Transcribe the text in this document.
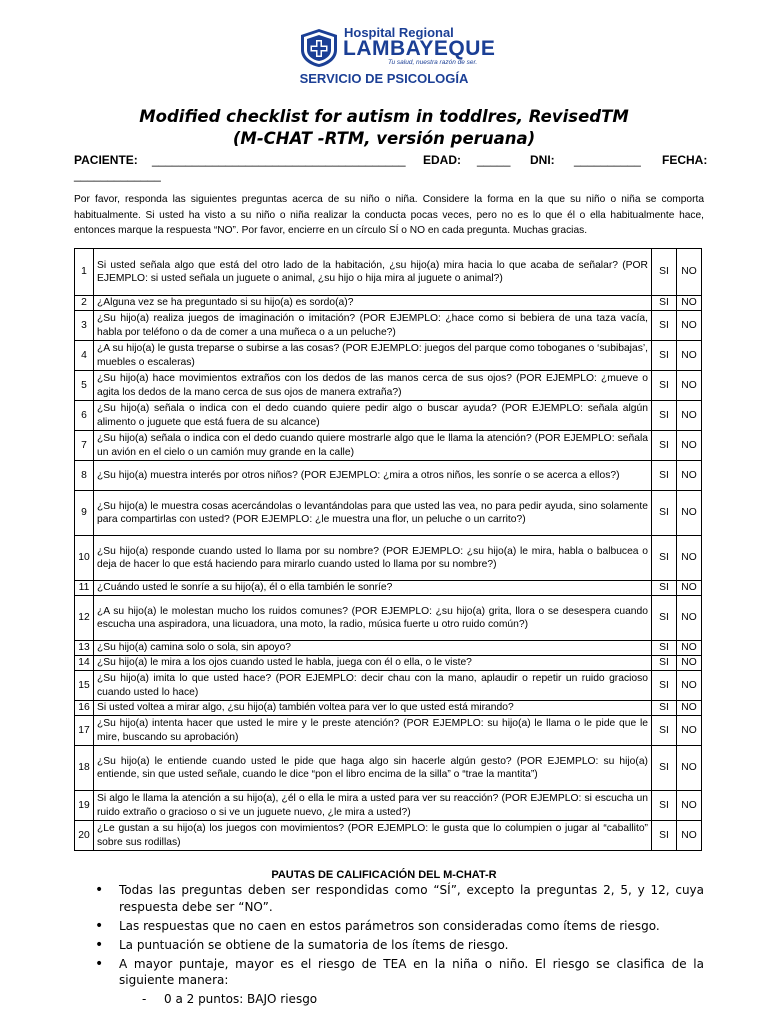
Hospital Regional
LAMBAYEQUE
Tu salud, nuestra razón de ser.
SERVICIO DE PSICOLOGÍA
Modified checklist for autism in toddlres, RevisedTM
(M-CHAT -RTM, versión peruana)
PACIENTE: ______________________________________ EDAD: _____ DNI: __________ FECHA:
_____________
Por favor, responda las siguientes preguntas acerca de su niño o niña. Considere la forma en la que su niño o niña se comporta habitualmente. Si usted ha visto a su niño o niña realizar la conducta pocas veces, pero no es lo que él o ella habitualmente hace, entonces marque la respuesta “NO”. Por favor, encierre en un círculo SÍ o NO en cada pregunta. Muchas gracias.
1	Si usted señala algo que está del otro lado de la habitación, ¿su hijo(a) mira hacia lo que acaba de señalar? (POR EJEMPLO: si usted señala un juguete o animal, ¿su hijo o hija mira al juguete o animal?)	SI	NO
2	¿Alguna vez se ha preguntado si su hijo(a) es sordo(a)?	SI	NO
3	¿Su hijo(a) realiza juegos de imaginación o imitación? (POR EJEMPLO: ¿hace como si bebiera de una taza vacía, habla por teléfono o da de comer a una muñeca o a un peluche?)	SI	NO
4	¿A su hijo(a) le gusta treparse o subirse a las cosas? (POR EJEMPLO: juegos del parque como toboganes o ‘subibajas’, muebles o escaleras)	SI	NO
5	¿Su hijo(a) hace movimientos extraños con los dedos de las manos cerca de sus ojos? (POR EJEMPLO: ¿mueve o agita los dedos de la mano cerca de sus ojos de manera extraña?)	SI	NO
6	¿Su hijo(a) señala o indica con el dedo cuando quiere pedir algo o buscar ayuda? (POR EJEMPLO: señala algún alimento o juguete que está fuera de su alcance)	SI	NO
7	¿Su hijo(a) señala o indica con el dedo cuando quiere mostrarle algo que le llama la atención? (POR EJEMPLO: señala un avión en el cielo o un camión muy grande en la calle)	SI	NO
8	¿Su hijo(a) muestra interés por otros niños? (POR EJEMPLO: ¿mira a otros niños, les sonríe o se acerca a ellos?)	SI	NO
9	¿Su hijo(a) le muestra cosas acercándolas o levantándolas para que usted las vea, no para pedir ayuda, sino solamente para compartirlas con usted? (POR EJEMPLO: ¿le muestra una flor, un peluche o un carrito?)	SI	NO
10	¿Su hijo(a) responde cuando usted lo llama por su nombre? (POR EJEMPLO: ¿su hijo(a) le mira, habla o balbucea o deja de hacer lo que está haciendo para mirarlo cuando usted lo llama por su nombre?)	SI	NO
11	¿Cuándo usted le sonríe a su hijo(a), él o ella también le sonríe?	SI	NO
12	¿A su hijo(a) le molestan mucho los ruidos comunes? (POR EJEMPLO: ¿su hijo(a) grita, llora o se desespera cuando escucha una aspiradora, una licuadora, una moto, la radio, música fuerte u otro ruido común?)	SI	NO
13	¿Su hijo(a) camina solo o sola, sin apoyo?	SI	NO
14	¿Su hijo(a) le mira a los ojos cuando usted le habla, juega con él o ella, o le viste?	SI	NO
15	¿Su hijo(a) imita lo que usted hace? (POR EJEMPLO: decir chau con la mano, aplaudir o repetir un ruido gracioso cuando usted lo hace)	SI	NO
16	Si usted voltea a mirar algo, ¿su hijo(a) también voltea para ver lo que usted está mirando?	SI	NO
17	¿Su hijo(a) intenta hacer que usted le mire y le preste atención? (POR EJEMPLO: su hijo(a) le llama o le pide que le mire, buscando su aprobación)	SI	NO
18	¿Su hijo(a) le entiende cuando usted le pide que haga algo sin hacerle algún gesto? (POR EJEMPLO: su hijo(a) entiende, sin que usted señale, cuando le dice “pon el libro encima de la silla” o “trae la mantita”)	SI	NO
19	Si algo le llama la atención a su hijo(a), ¿él o ella le mira a usted para ver su reacción? (POR EJEMPLO: si escucha un ruido extraño o gracioso o si ve un juguete nuevo, ¿le mira a usted?)	SI	NO
20	¿Le gustan a su hijo(a) los juegos con movimientos? (POR EJEMPLO: le gusta que lo columpien o jugar al “caballito” sobre sus rodillas)	SI	NO
PAUTAS DE CALIFICACIÓN DEL M-CHAT-R
• Todas las preguntas deben ser respondidas como “SÍ”, excepto la preguntas 2, 5, y 12, cuya respuesta debe ser “NO”.
• Las respuestas que no caen en estos parámetros son consideradas como ítems de riesgo.
• La puntuación se obtiene de la sumatoria de los ítems de riesgo.
• A mayor puntaje, mayor es el riesgo de TEA en la niña o niño. El riesgo se clasifica de la siguiente manera:
- 0 a 2 puntos: BAJO riesgo
